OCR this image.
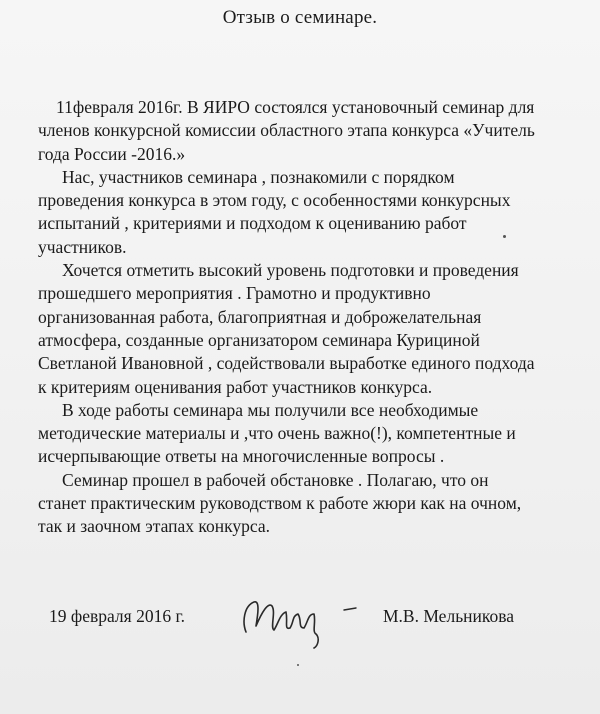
Отзыв о семинаре.
11февраля 2016г. В ЯИРО состоялся установочный семинар для
членов конкурсной комиссии областного этапа конкурса «Учитель
года России -2016.»
Нас, участников семинара , познакомили с порядком
проведения конкурса в этом году, с особенностями конкурсных
испытаний , критериями и подходом к оцениванию работ
участников.
Хочется отметить высокий уровень подготовки и проведения
прошедшего мероприятия . Грамотно и продуктивно
организованная работа, благоприятная и доброжелательная
атмосфера, созданные организатором семинара Курициной
Светланой Ивановной , содействовали выработке единого подхода
к критериям оценивания работ участников конкурса.
В ходе работы семинара мы получили все необходимые
методические материалы и ,что очень важно(!), компетентные и
исчерпывающие ответы на многочисленные вопросы .
Семинар прошел в рабочей обстановке . Полагаю, что он
станет практическим руководством к работе жюри как на очном,
так и заочном этапах конкурса.
19 февраля 2016 г.	М.В. Мельникова
